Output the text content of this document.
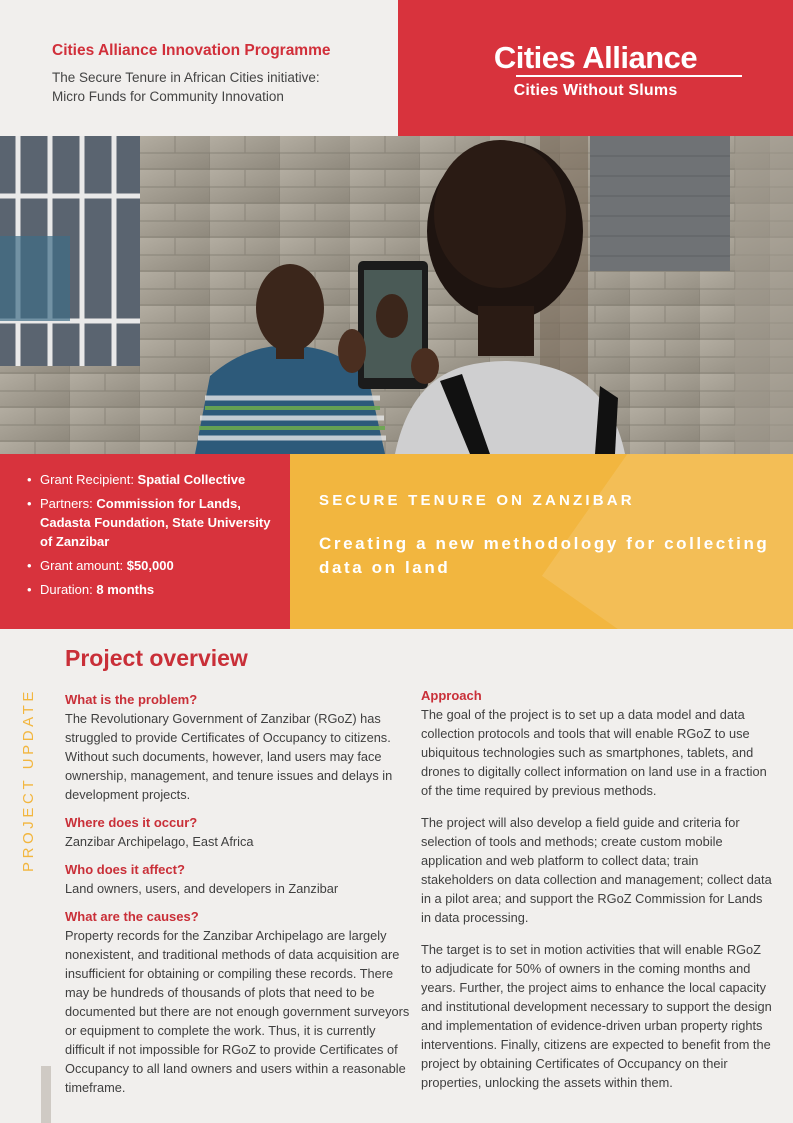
Cities Alliance Innovation Programme
The Secure Tenure in African Cities initiative:
Micro Funds for Community Innovation
Cities Alliance
Cities Without Slums
• Grant Recipient: Spatial Collective
• Partners: Commission for Lands, Cadasta Foundation, State University of Zanzibar
• Grant amount: $50,000
• Duration: 8 months
SECURE TENURE ON ZANZIBAR
Creating a new methodology for collecting data on land
PROJECT UPDATE
Project overview
What is the problem?
The Revolutionary Government of Zanzibar (RGoZ) has struggled to provide Certificates of Occupancy to citizens. Without such documents, however, land users may face ownership, management, and tenure issues and delays in development projects.
Where does it occur?
Zanzibar Archipelago, East Africa
Who does it affect?
Land owners, users, and developers in Zanzibar
What are the causes?
Property records for the Zanzibar Archipelago are largely nonexistent, and traditional methods of data acquisition are insufficient for obtaining or compiling these records. There may be hundreds of thousands of plots that need to be documented but there are not enough government surveyors or equipment to complete the work. Thus, it is currently difficult if not impossible for RGoZ to provide Certificates of Occupancy to all land owners and users within a reasonable timeframe.
Approach
The goal of the project is to set up a data model and data collection protocols and tools that will enable RGoZ to use ubiquitous technologies such as smartphones, tablets, and drones to digitally collect information on land use in a fraction of the time required by previous methods.
The project will also develop a field guide and criteria for selection of tools and methods; create custom mobile application and web platform to collect data; train stakeholders on data collection and management; collect data in a pilot area; and support the RGoZ Commission for Lands in data processing.
The target is to set in motion activities that will enable RGoZ to adjudicate for 50% of owners in the coming months and years. Further, the project aims to enhance the local capacity and institutional development necessary to support the design and implementation of evidence-driven urban property rights interventions. Finally, citizens are expected to benefit from the project by obtaining Certificates of Occupancy on their properties, unlocking the assets within them.
